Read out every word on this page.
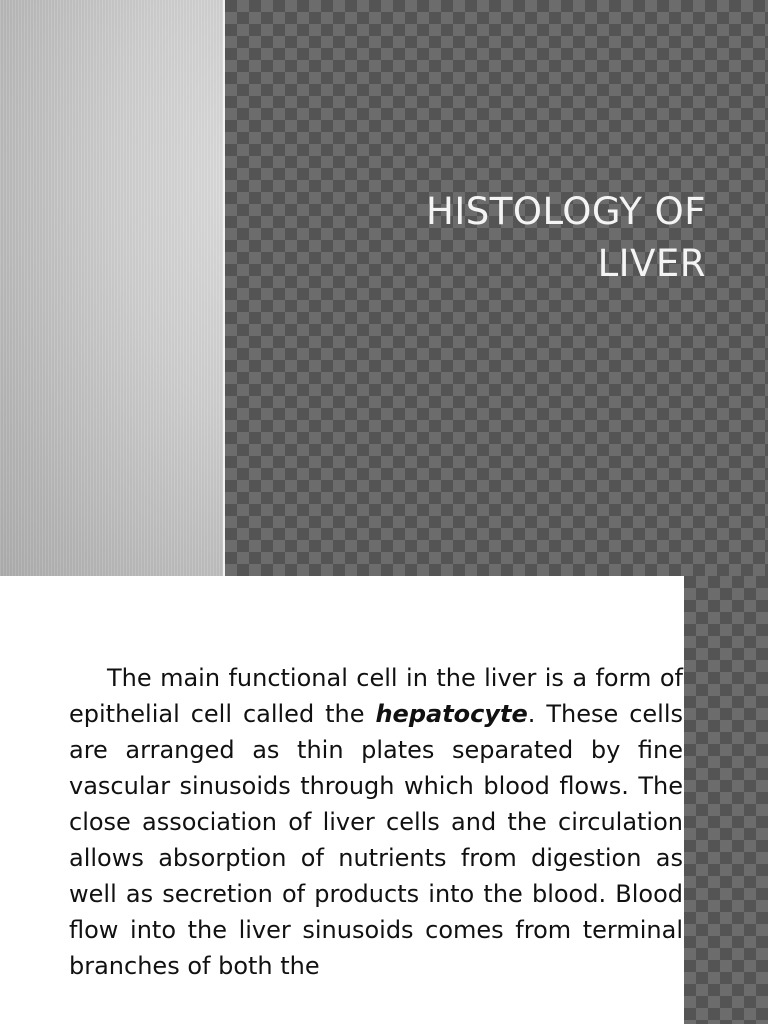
HISTOLOGY OF
LIVER

The main functional cell in the liver is a form of epithelial cell called the hepatocyte. These cells are arranged as thin plates separated by fine vascular sinusoids through which blood flows. The close association of liver cells and the circulation allows absorption of nutrients from digestion as well as secretion of products into the blood. Blood flow into the liver sinusoids comes from terminal branches of both the
